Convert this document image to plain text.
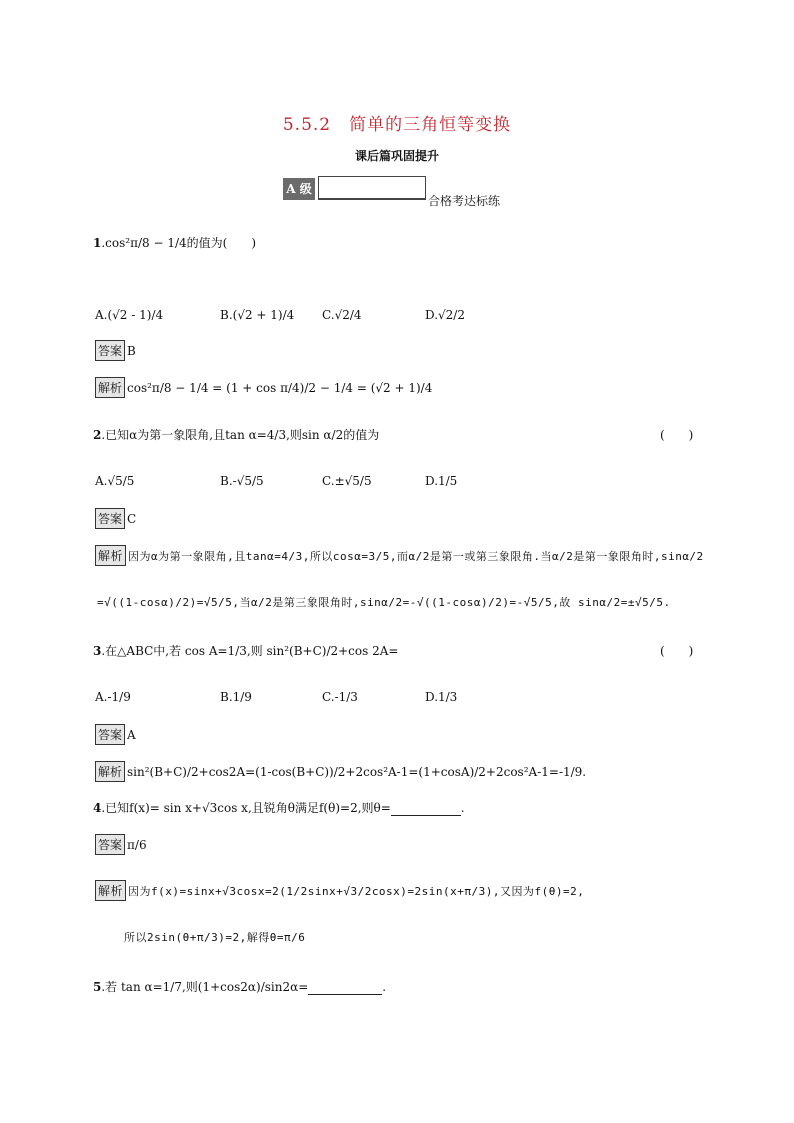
5.5.2　简单的三角恒等变换
课后篇巩固提升
A 级
合格考达标练
1.cos²π/8 − 1/4的值为(　　)
A.(√2 - 1)/4	B.(√2 + 1)/4 C.√2/4	D.√2/2
答案 B
解析 cos²π/8 − 1/4 = (1 + cos π/4)/2 − 1/4 = (√2 + 1)/4
2.已知α为第一象限角,且tan α=4/3,则sin α/2的值为	(　　)
A.√5/5	B.-√5/5	C.±√5/5	D.1/5
答案 C
解析 因为α为第一象限角,且tanα=4/3,所以cosα=3/5,而α/2是第一或第三象限角.当α/2是第一象限角时,sinα/2
=√((1-cosα)/2)=√5/5,当α/2是第三象限角时,sinα/2=-√((1-cosα)/2)=-√5/5,故 sinα/2=±√5/5.
3.在△ABC中,若 cos A=1/3,则 sin²(B+C)/2+cos 2A=	(　　)
A.-1/9	B.1/9	C.-1/3	D.1/3
答案 A
解析 sin²(B+C)/2+cos2A=(1-cos(B+C))/2+2cos²A-1=(1+cosA)/2+2cos²A-1=-1/9.
4.已知f(x)= sin x+√3cos x,且锐角θ满足f(θ)=2,则θ=	.
答案 π/6
解析 因为f(x)=sinx+√3cosx=2(1/2sinx+√3/2cosx)=2sin(x+π/3),又因为f(θ)=2,
所以2sin(θ+π/3)=2,解得θ=π/6
5.若 tan α=1/7,则(1+cos2α)/sin2α=	.
